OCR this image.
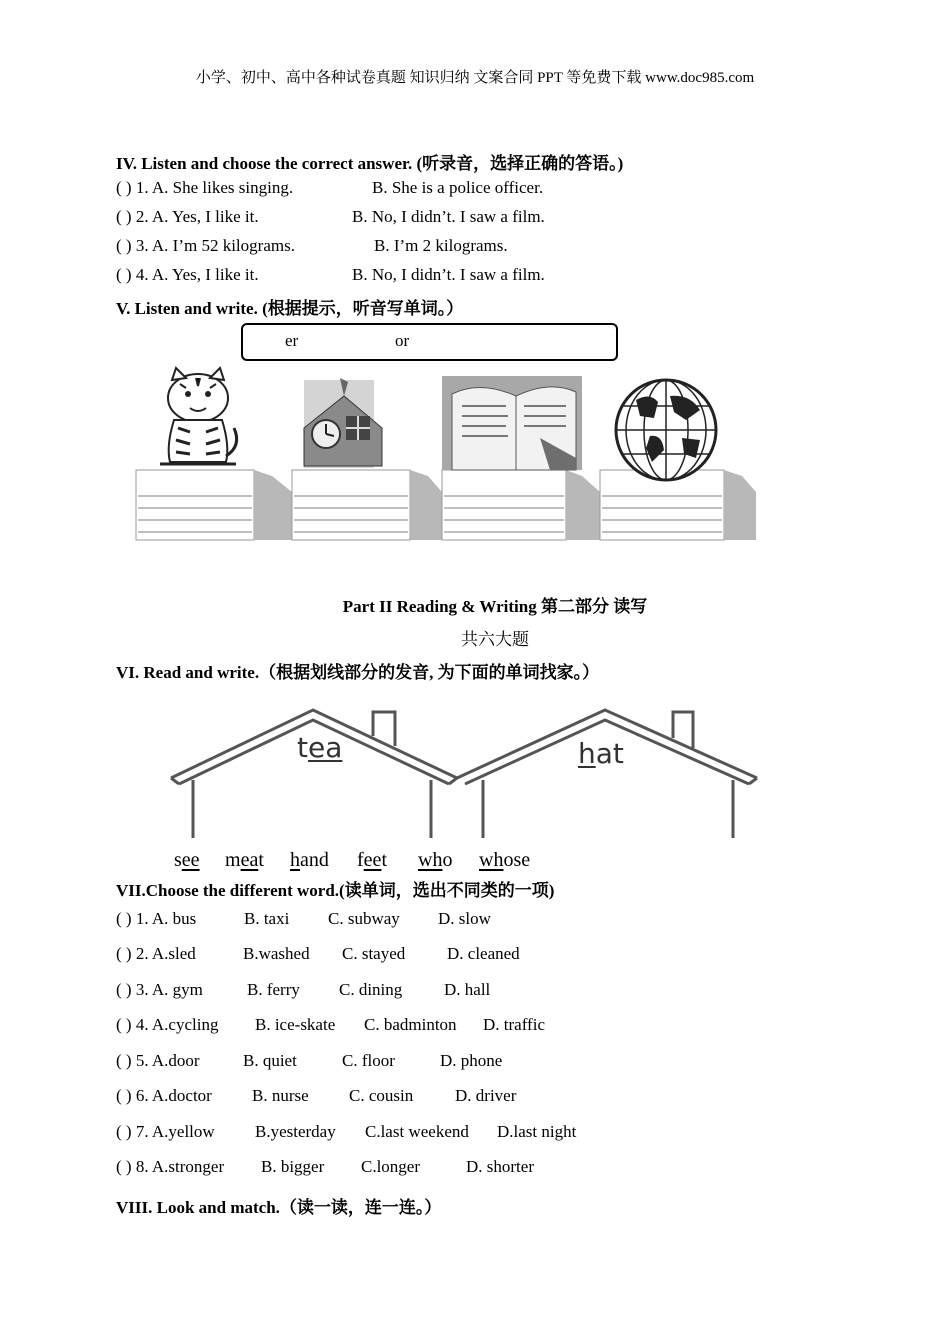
小学、初中、高中各种试卷真题 知识归纳 文案合同 PPT 等免费下载 www.doc985.com
IV. Listen and choose the correct answer. (听录音，选择正确的答语。)
( ) 1. A. She likes singing.	B. She is a police officer.
( ) 2. A. Yes, I like it.	B. No, I didn’t. I saw a film.
( ) 3. A. I’m 52 kilograms.	B. I’m 2 kilograms.
( ) 4. A. Yes, I like it.	B. No, I didn’t. I saw a film.
V. Listen and write. (根据提示，听音写单词。）
er	or
Part II Reading & Writing 第二部分 读写
共六大题
VI. Read and write.（根据划线部分的发音, 为下面的单词找家。）
tea	hat
see meat hand feet who whose
VII.Choose the different word.(读单词，选出不同类的一项)
( ) 1. A. bus	B. taxi C. subway D. slow
( ) 2. A.sled	B.washed C. stayed D. cleaned
( ) 3. A. gym	B. ferry C. dining D. hall
( ) 4. A.cycling B. ice-skate C. badminton D. traffic
( ) 5. A.door	B. quiet	C. floor	D. phone
( ) 6. A.doctor B. nurse C. cousin D. driver
( ) 7. A.yellow B.yesterday C.last weekend D.last night
( ) 8. A.stronger B. bigger C.longer	D. shorter
VIII. Look and match.（读一读，连一连。）
